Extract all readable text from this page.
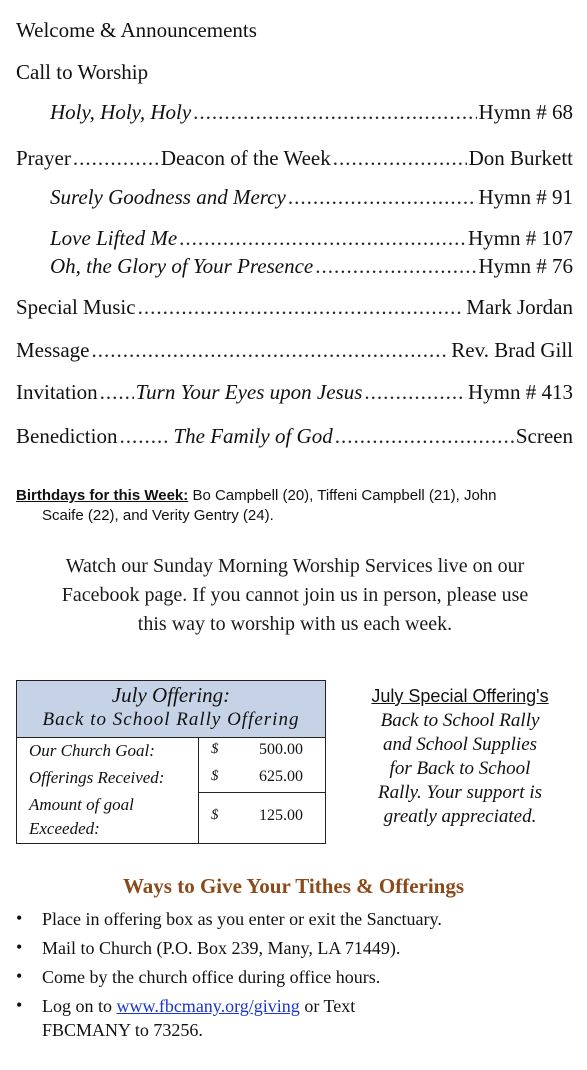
Welcome & Announcements
Call to Worship
Holy, Holy, Holy .....	Hymn # 68
Prayer .....	Deacon of the Week .....	Don Burkett
Surely Goodness and Mercy .....	Hymn # 91
Love Lifted Me .....	Hymn # 107
Oh, the Glory of Your Presence .....	Hymn # 76
Special Music .....	Mark Jordan
Message .....	Rev. Brad Gill
Invitation ..... Turn Your Eyes upon Jesus .....	Hymn # 413
Benediction .....	The Family of God .....	Screen
Birthdays for this Week: Bo Campbell (20), Tiffeni Campbell (21), John
Scaife (22), and Verity Gentry (24).
Watch our Sunday Morning Worship Services live on our
Facebook page. If you cannot join us in person, please use
this way to worship with us each week.
July Offering:
Back to School Rally Offering
Our Church Goal:	$	500.00
Offerings Received:	$	625.00
Amount of goal
Exceeded:
$	125.00
July Special Offering's
Back to School Rally
and School Supplies
for Back to School
Rally. Your support is
greatly appreciated.
Ways to Give Your Tithes & Offerings
•	Place in offering box as you enter or exit the Sanctuary.
•	Mail to Church (P.O. Box 239, Many, LA 71449).
•	Come by the church office during office hours.
•	Log on to www.fbcmany.org/giving or Text
FBCMANY to 73256.
